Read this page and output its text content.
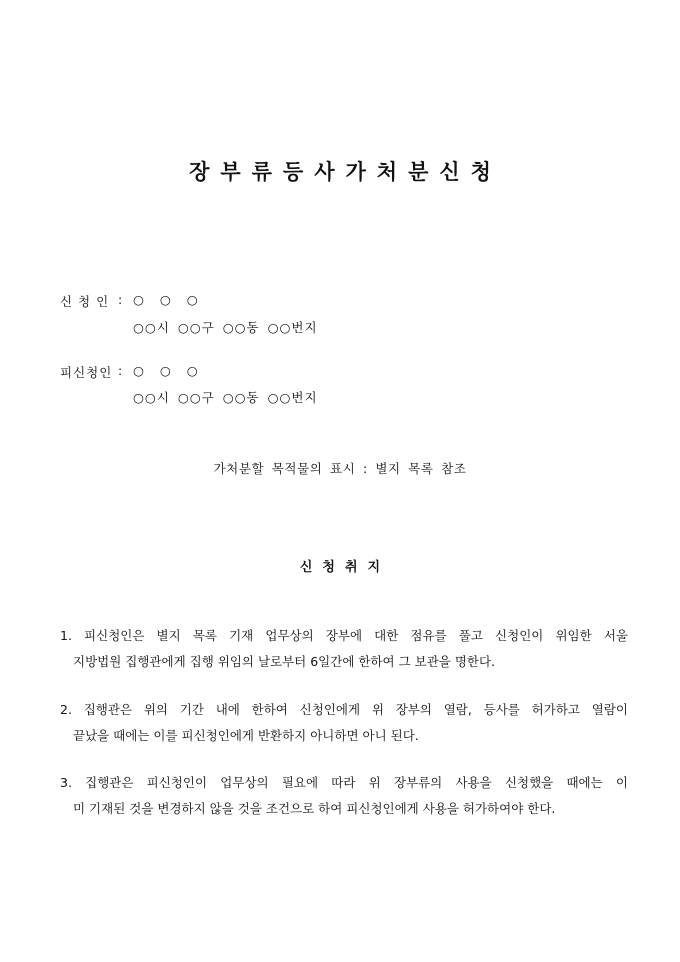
장부류등사가처분신청
신 청 인 : ○ ○ ○
○○시 ○○구 ○○동 ○○번지
피신청인 : ○ ○ ○
○○시 ○○구 ○○동 ○○번지
가처분할 목적물의 표시 : 별지 목록 참조
신청취지
1. 피신청인은 별지 목록 기재 업무상의 장부에 대한 점유를 풀고 신청인이 위임한 서울
지방법원 집행관에게 집행 위임의 날로부터 6일간에 한하여 그 보관을 명한다.
2. 집행관은 위의 기간 내에 한하여 신청인에게 위 장부의 열람, 등사를 허가하고 열람이
끝났을 때에는 이를 피신청인에게 반환하지 아니하면 아니 된다.
3. 집행관은 피신청인이 업무상의 필요에 따라 위 장부류의 사용을 신청했을 때에는 이
미 기재된 것을 변경하지 않을 것을 조건으로 하여 피신청인에게 사용을 허가하여야 한다.
